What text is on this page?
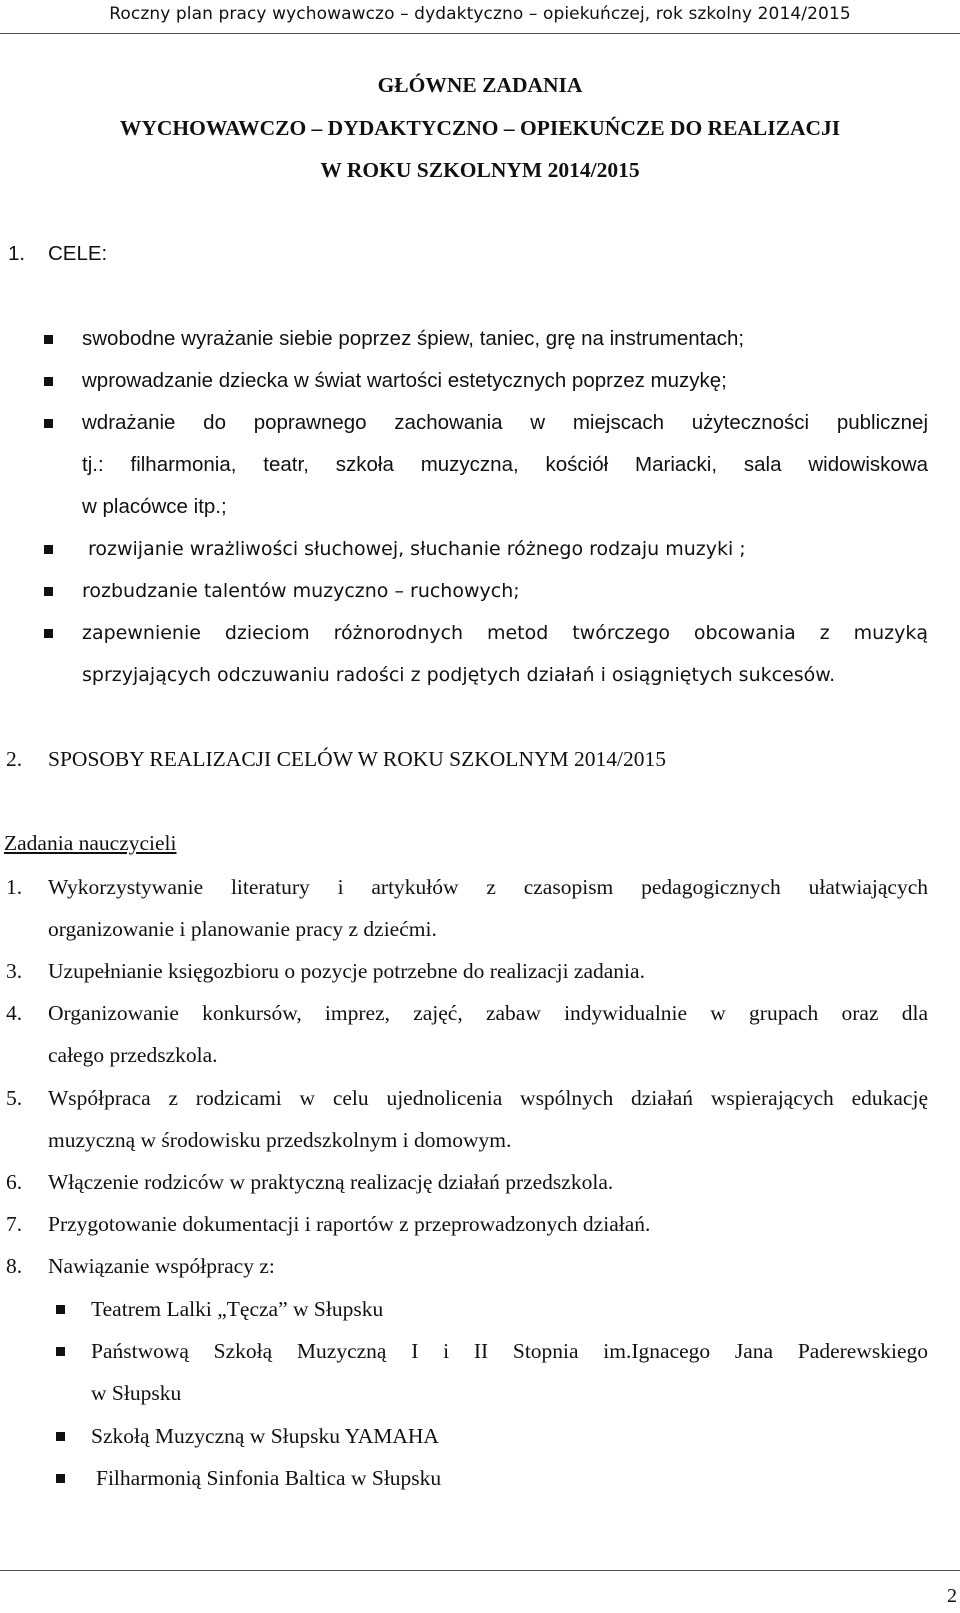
Roczny plan pracy wychowawczo – dydaktyczno – opiekuńczej, rok szkolny 2014/2015
GŁÓWNE ZADANIA
WYCHOWAWCZO – DYDAKTYCZNO – OPIEKUŃCZE DO REALIZACJI
W ROKU SZKOLNYM 2014/2015
1. CELE:
swobodne wyrażanie siebie poprzez śpiew, taniec, grę na instrumentach;
wprowadzanie dziecka w świat wartości estetycznych poprzez muzykę;
wdrażanie do poprawnego zachowania w miejscach użyteczności publicznej
tj.: filharmonia, teatr, szkoła muzyczna, kościół Mariacki, sala widowiskowa
w placówce itp.;
rozwijanie wrażliwości słuchowej, słuchanie różnego rodzaju muzyki ;
rozbudzanie talentów muzyczno – ruchowych;
zapewnienie dzieciom różnorodnych metod twórczego obcowania z muzyką
sprzyjających odczuwaniu radości z podjętych działań i osiągniętych sukcesów.
2. SPOSOBY REALIZACJI CELÓW W ROKU SZKOLNYM 2014/2015
Zadania nauczycieli
1. Wykorzystywanie literatury i artykułów z czasopism pedagogicznych ułatwiających
organizowanie i planowanie pracy z dziećmi.
3. Uzupełnianie księgozbioru o pozycje potrzebne do realizacji zadania.
4. Organizowanie konkursów, imprez, zajęć, zabaw indywidualnie w grupach oraz dla
całego przedszkola.
5. Współpraca z rodzicami w celu ujednolicenia wspólnych działań wspierających edukację
muzyczną w środowisku przedszkolnym i domowym.
6. Włączenie rodziców w praktyczną realizację działań przedszkola.
7. Przygotowanie dokumentacji i raportów z przeprowadzonych działań.
8. Nawiązanie współpracy z:
Teatrem Lalki „Tęcza” w Słupsku
Państwową Szkołą Muzyczną I i II Stopnia im.Ignacego Jana Paderewskiego
w Słupsku
Szkołą Muzyczną w Słupsku YAMAHA
Filharmonią Sinfonia Baltica w Słupsku
2
